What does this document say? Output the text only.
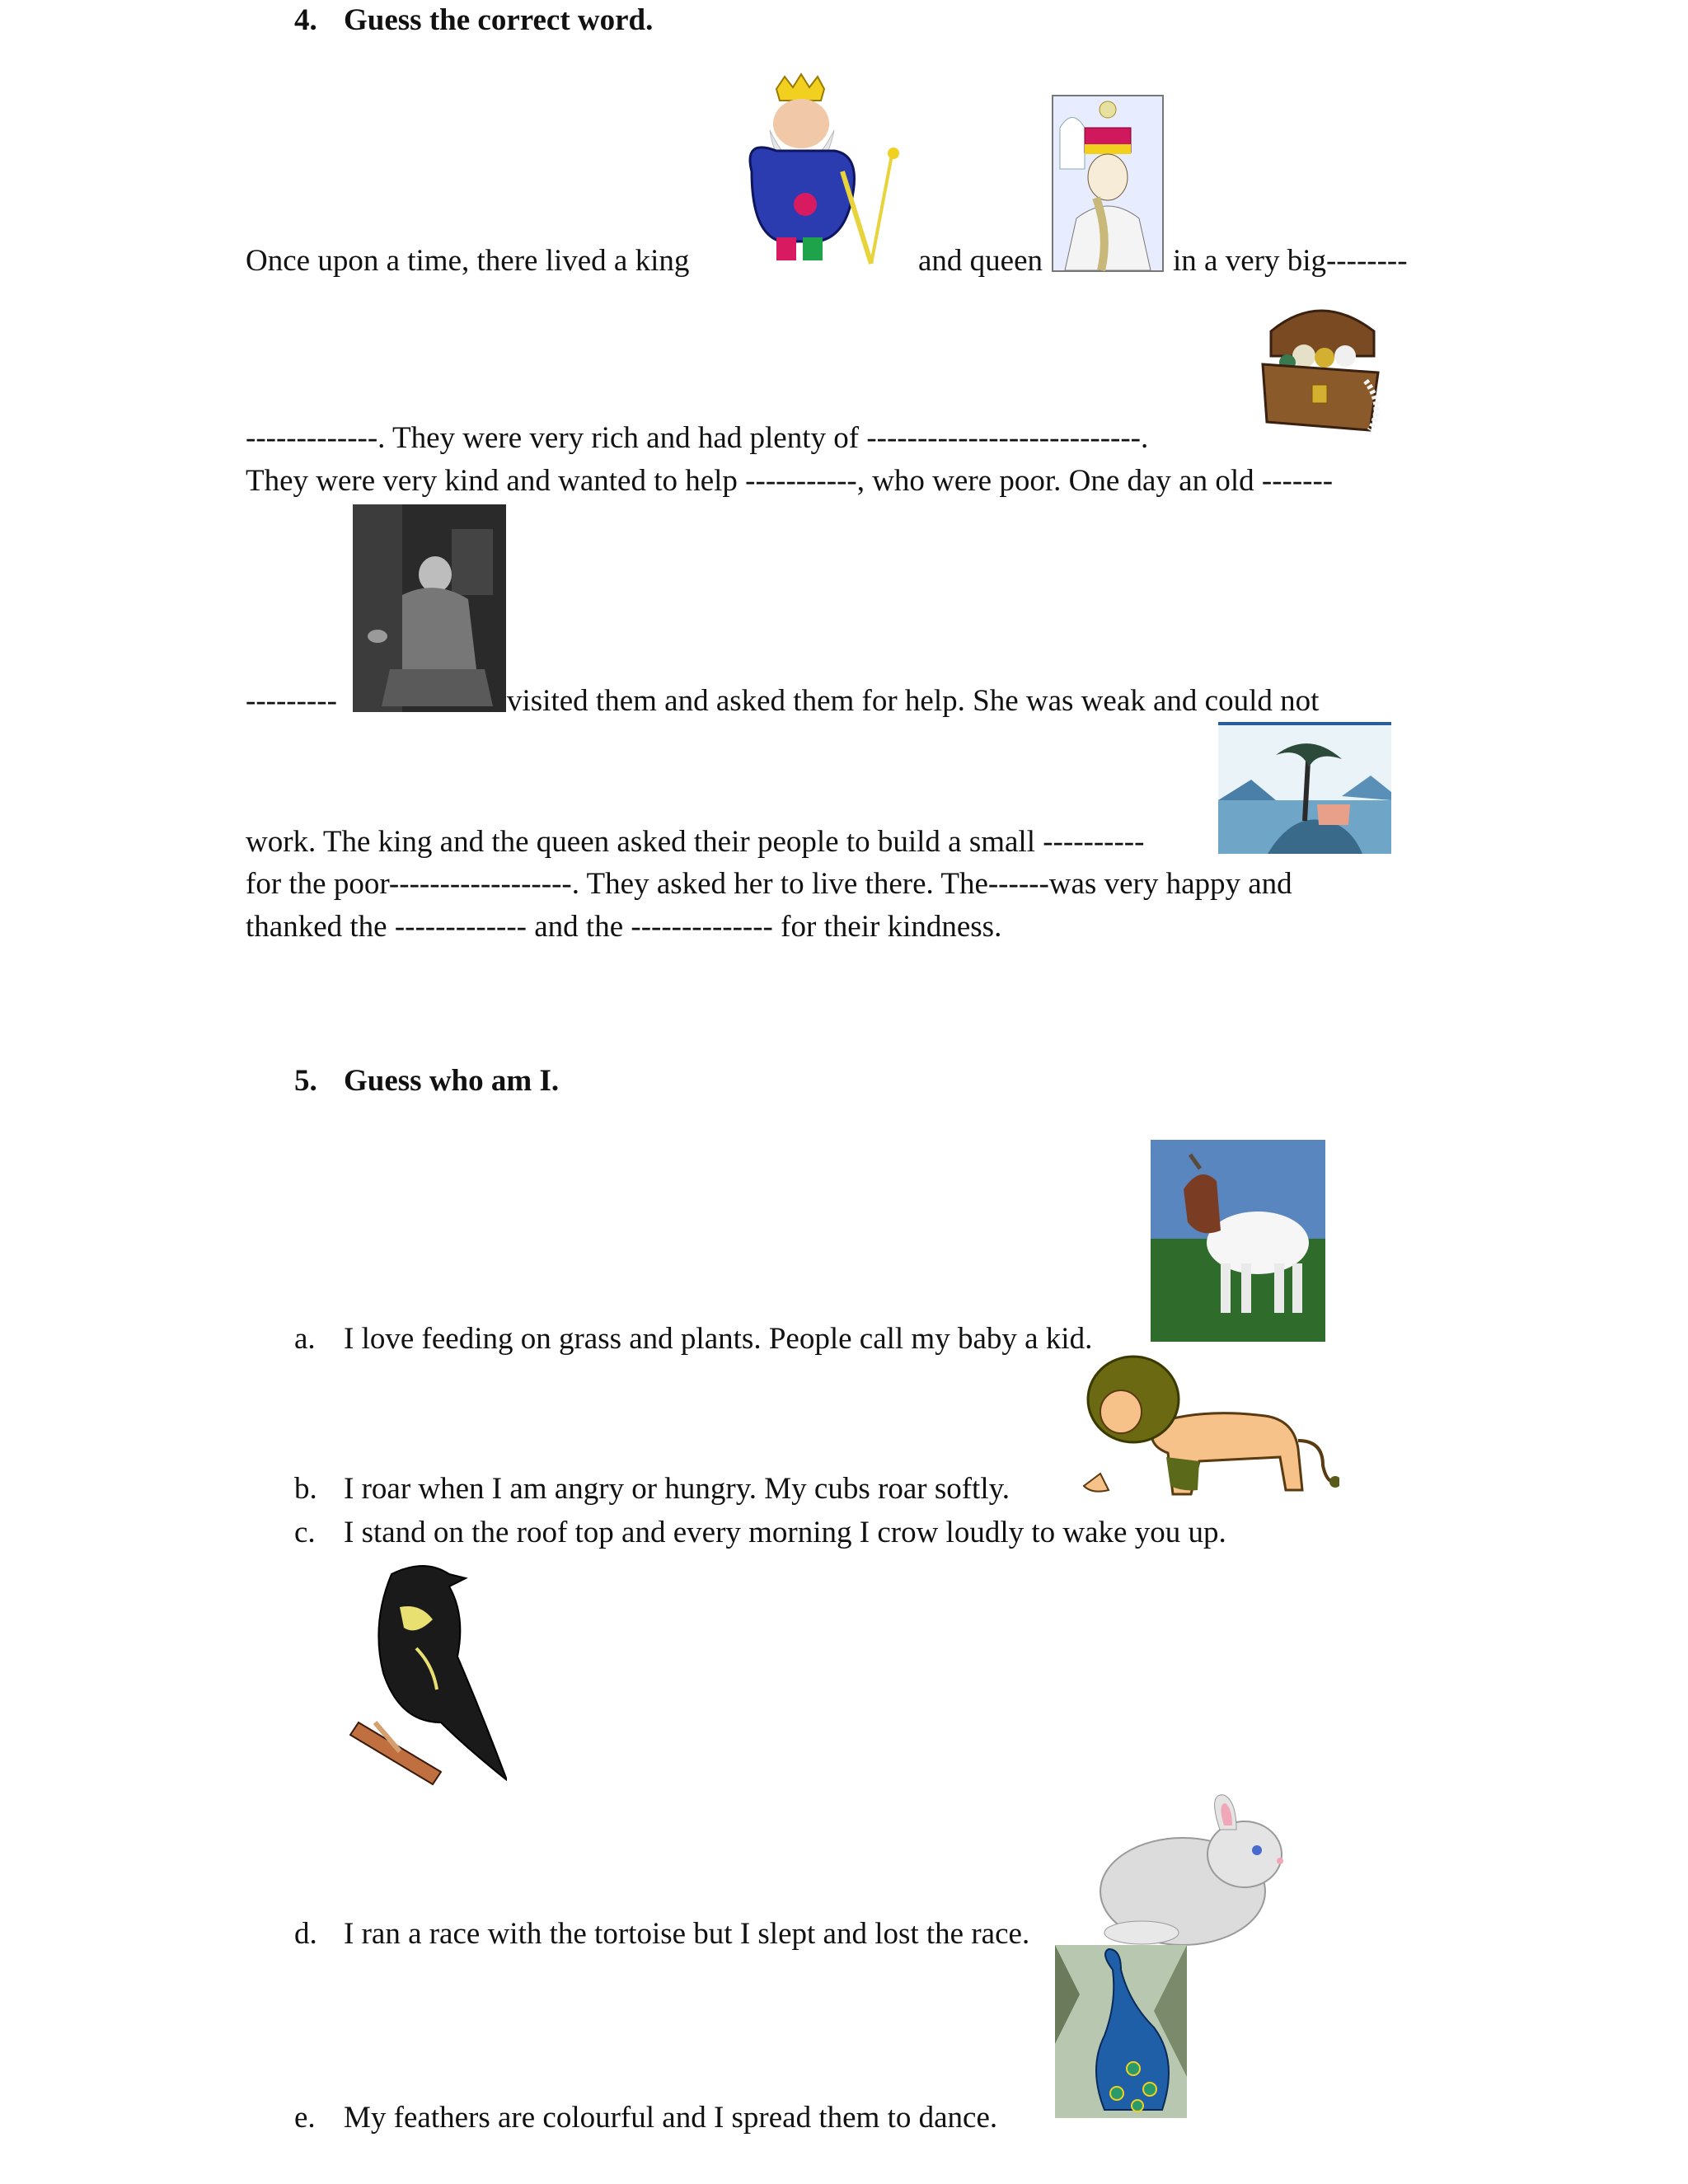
4. Guess the correct word.
Once upon a time, there lived a king	and queen	in a very big--------
-------------. They were very rich and had plenty of ---------------------------.
They were very kind and wanted to help -----------, who were poor. One day an old -------
---------	visited them and asked them for help. She was weak and could not
work. The king and the queen asked their people to build a small ----------
for the poor------------------. They asked her to live there. The------was very happy and
thanked the ------------- and the -------------- for their kindness.
5. Guess who am I.
a. I love feeding on grass and plants. People call my baby a kid.
b. I roar when I am angry or hungry. My cubs roar softly.
c. I stand on the roof top and every morning I crow loudly to wake you up.
d. I ran a race with the tortoise but I slept and lost the race.
e. My feathers are colourful and I spread them to dance.
